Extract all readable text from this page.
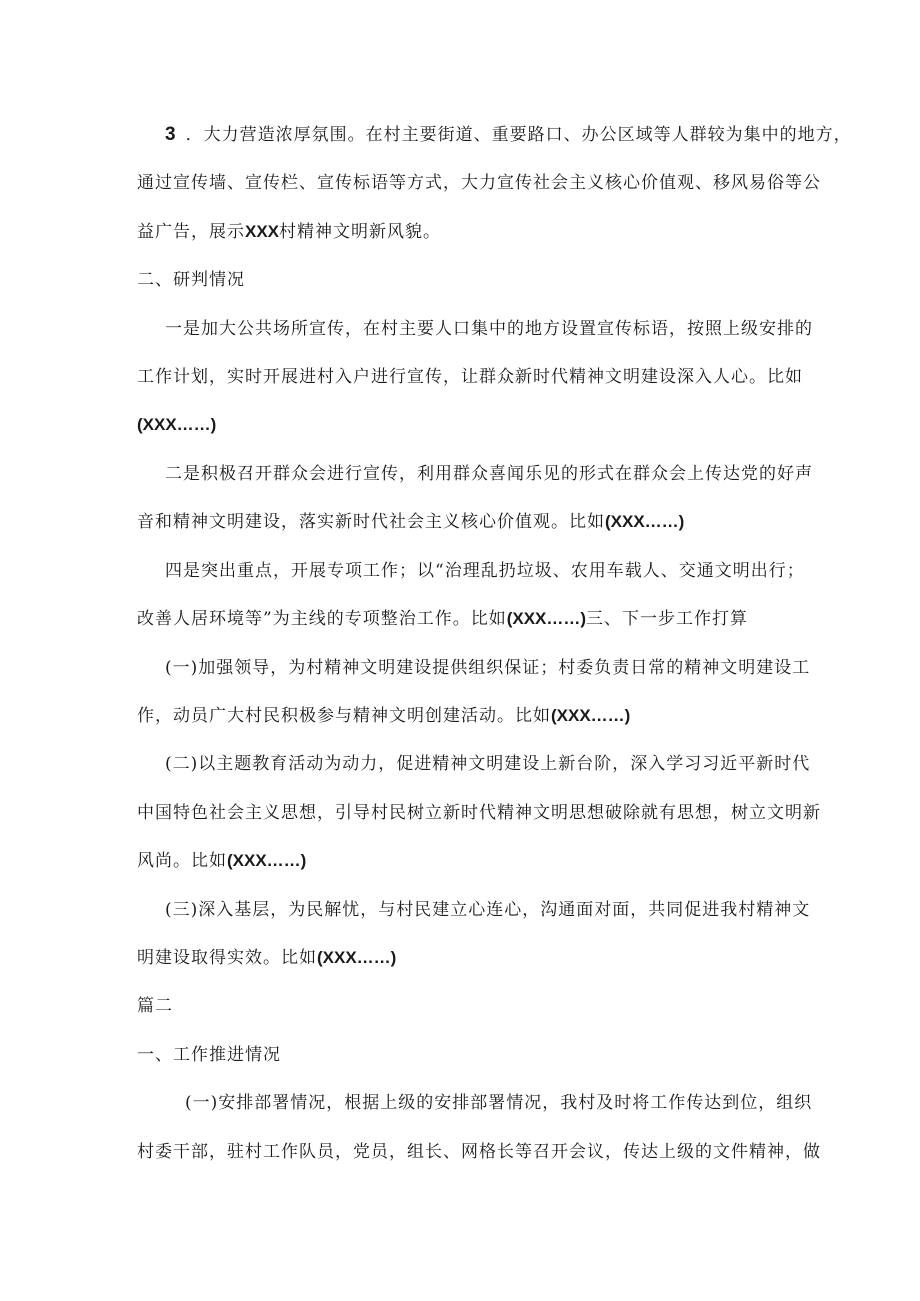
3 ．大力营造浓厚氛围。在村主要街道、重要路口、办公区域等人群较为集中的地方，
通过宣传墙、宣传栏、宣传标语等方式，大力宣传社会主义核心价值观、移风易俗等公
益广告，展示XXX村精神文明新风貌。
二、研判情况
一是加大公共场所宣传，在村主要人口集中的地方设置宣传标语，按照上级安排的
工作计划，实时开展进村入户进行宣传，让群众新时代精神文明建设深入人心。比如
(XXX……)
二是积极召开群众会进行宣传，利用群众喜闻乐见的形式在群众会上传达党的好声
音和精神文明建设，落实新时代社会主义核心价值观。比如(XXX……)
四是突出重点，开展专项工作；以“治理乱扔垃圾、农用车载人、交通文明出行；
改善人居环境等”为主线的专项整治工作。比如(XXX……)三、下一步工作打算
(一)加强领导，为村精神文明建设提供组织保证；村委负责日常的精神文明建设工
作，动员广大村民积极参与精神文明创建活动。比如(XXX……)
(二)以主题教育活动为动力，促进精神文明建设上新台阶，深入学习习近平新时代
中国特色社会主义思想，引导村民树立新时代精神文明思想破除就有思想，树立文明新
风尚。比如(XXX……)
(三)深入基层，为民解忧，与村民建立心连心，沟通面对面，共同促进我村精神文
明建设取得实效。比如(XXX……)
篇二
一、工作推进情况
(一)安排部署情况，根据上级的安排部署情况，我村及时将工作传达到位，组织
村委干部，驻村工作队员，党员，组长、网格长等召开会议，传达上级的文件精神，做
